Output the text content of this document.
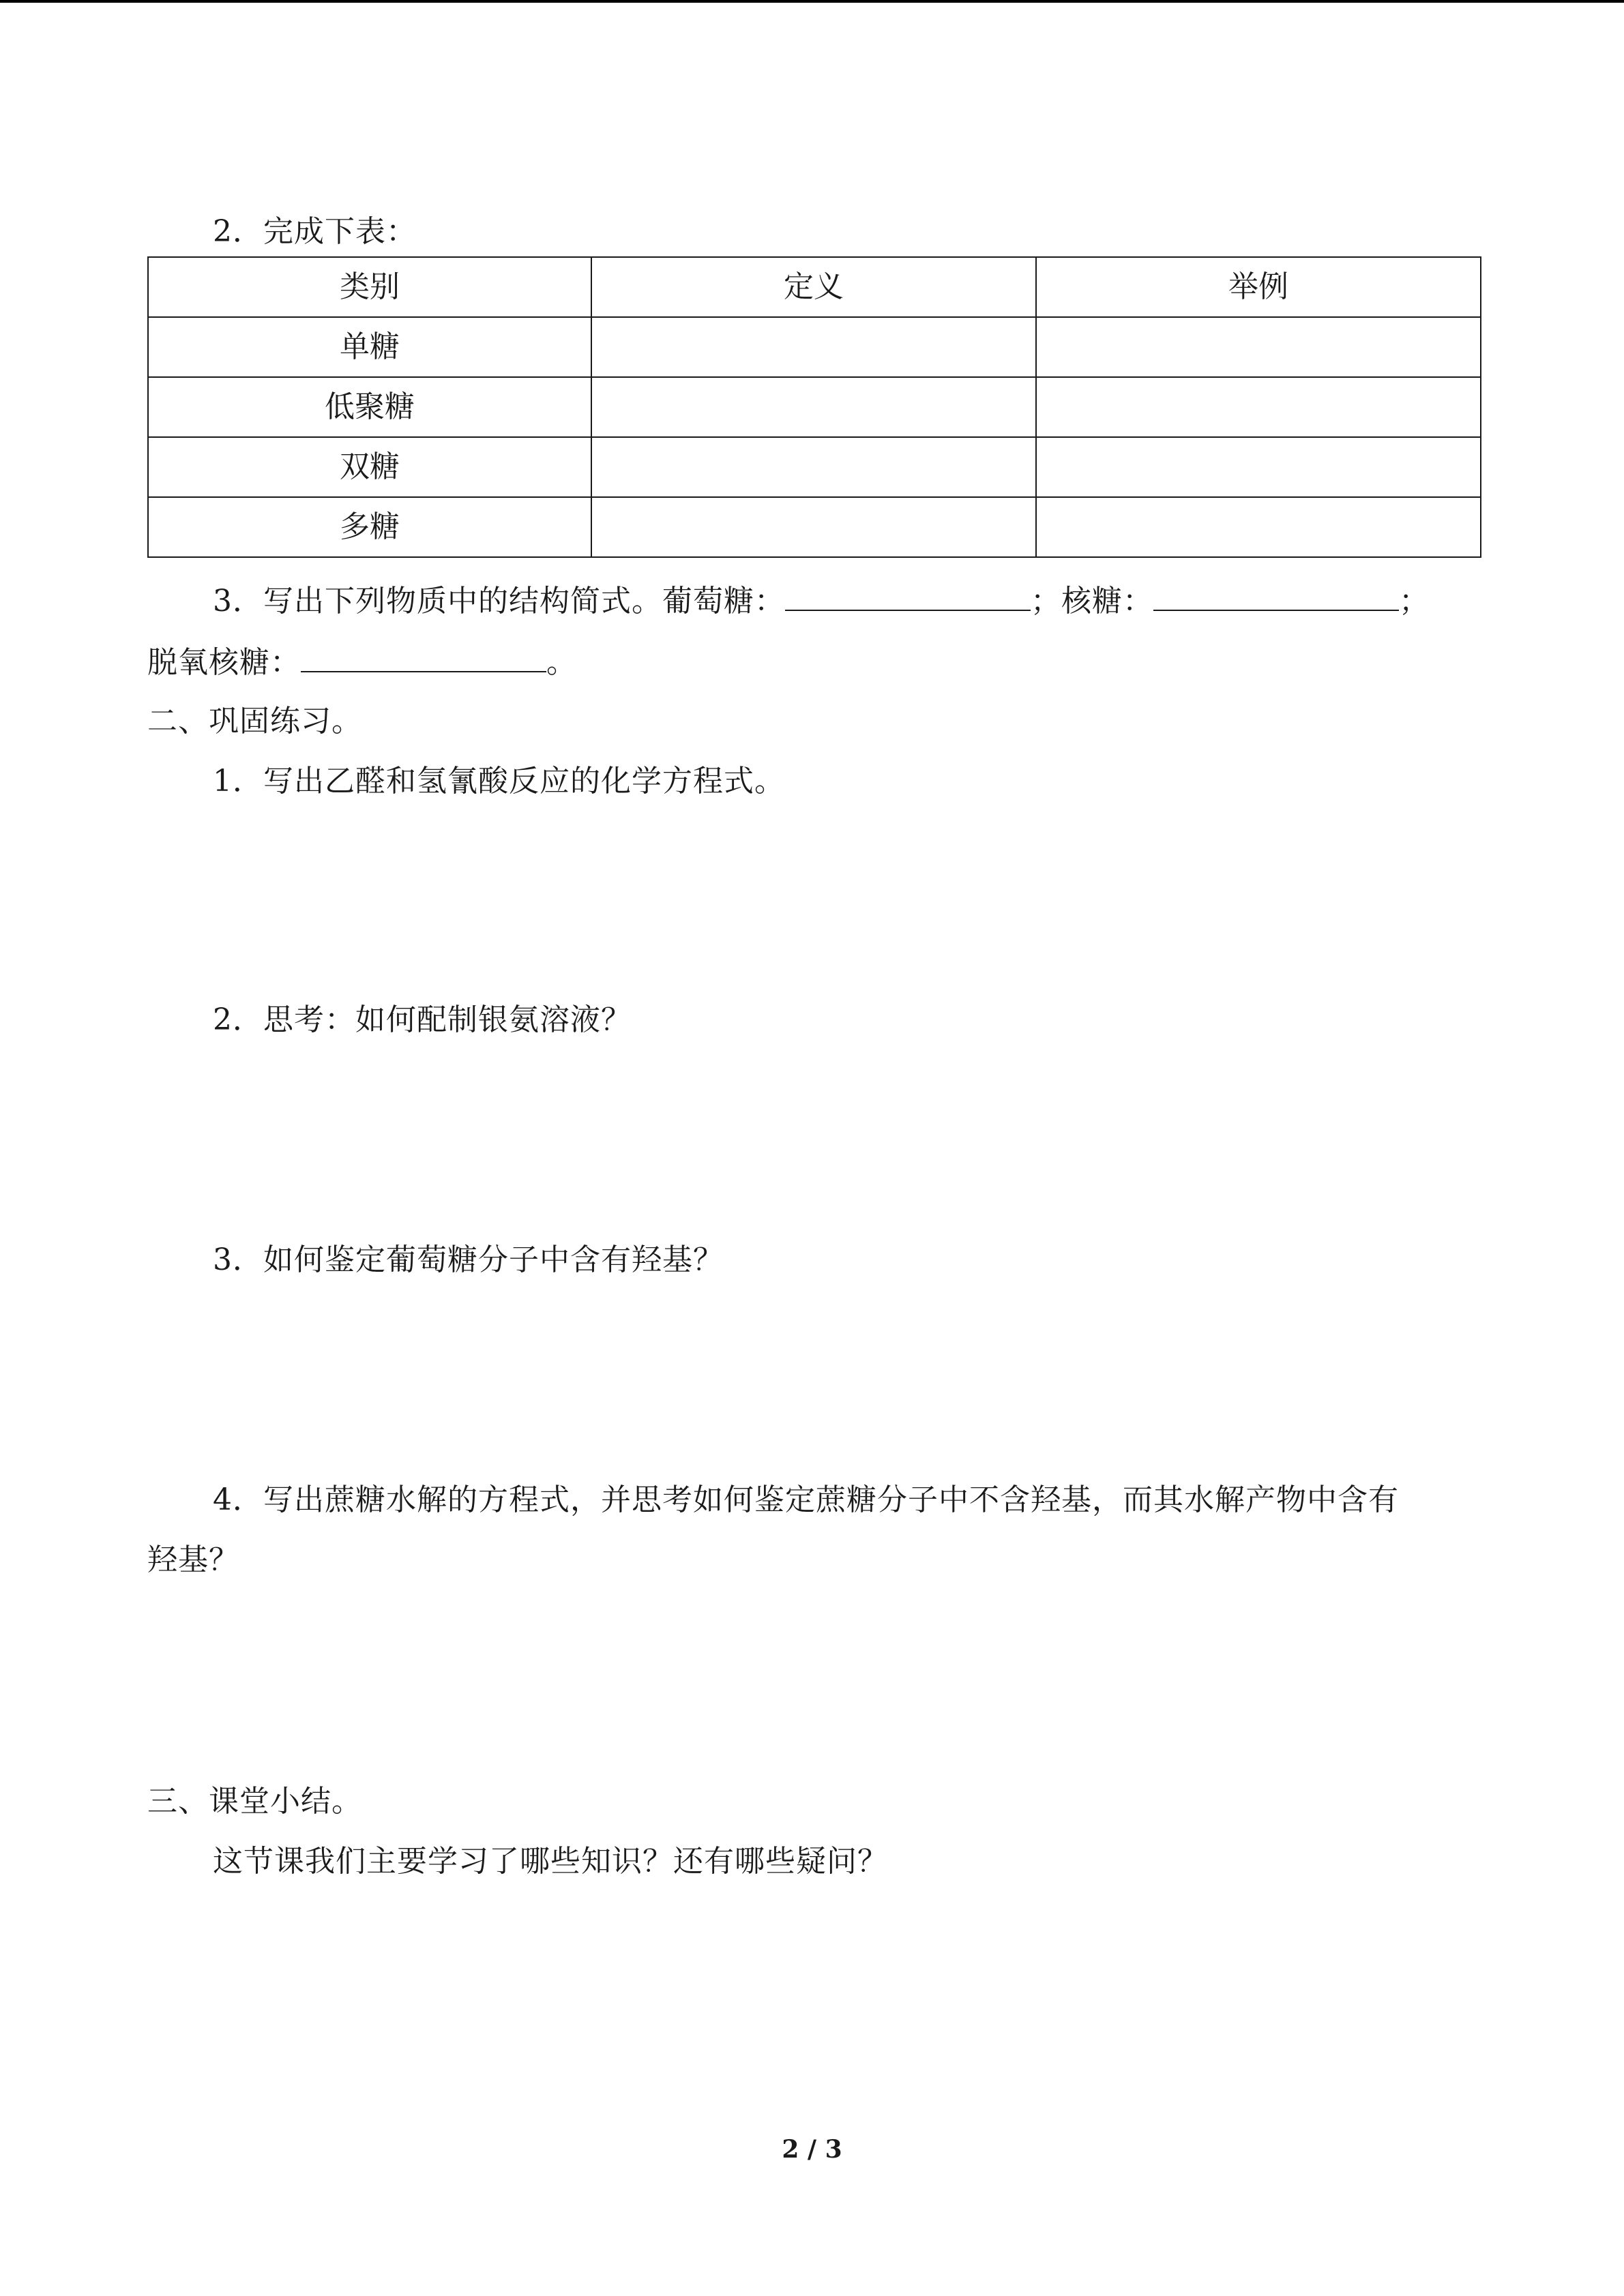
2．完成下表：
类别	定义	举例
单糖		
低聚糖		
双糖		
多糖		
3．写出下列物质中的结构简式。葡萄糖：	；核糖：	；
脱氧核糖：	。
二、巩固练习。
1．写出乙醛和氢氰酸反应的化学方程式。
2．思考：如何配制银氨溶液？
3．如何鉴定葡萄糖分子中含有羟基？
4．写出蔗糖水解的方程式，并思考如何鉴定蔗糖分子中不含羟基，而其水解产物中含有
羟基？
三、课堂小结。
这节课我们主要学习了哪些知识？还有哪些疑问？
2 / 3
